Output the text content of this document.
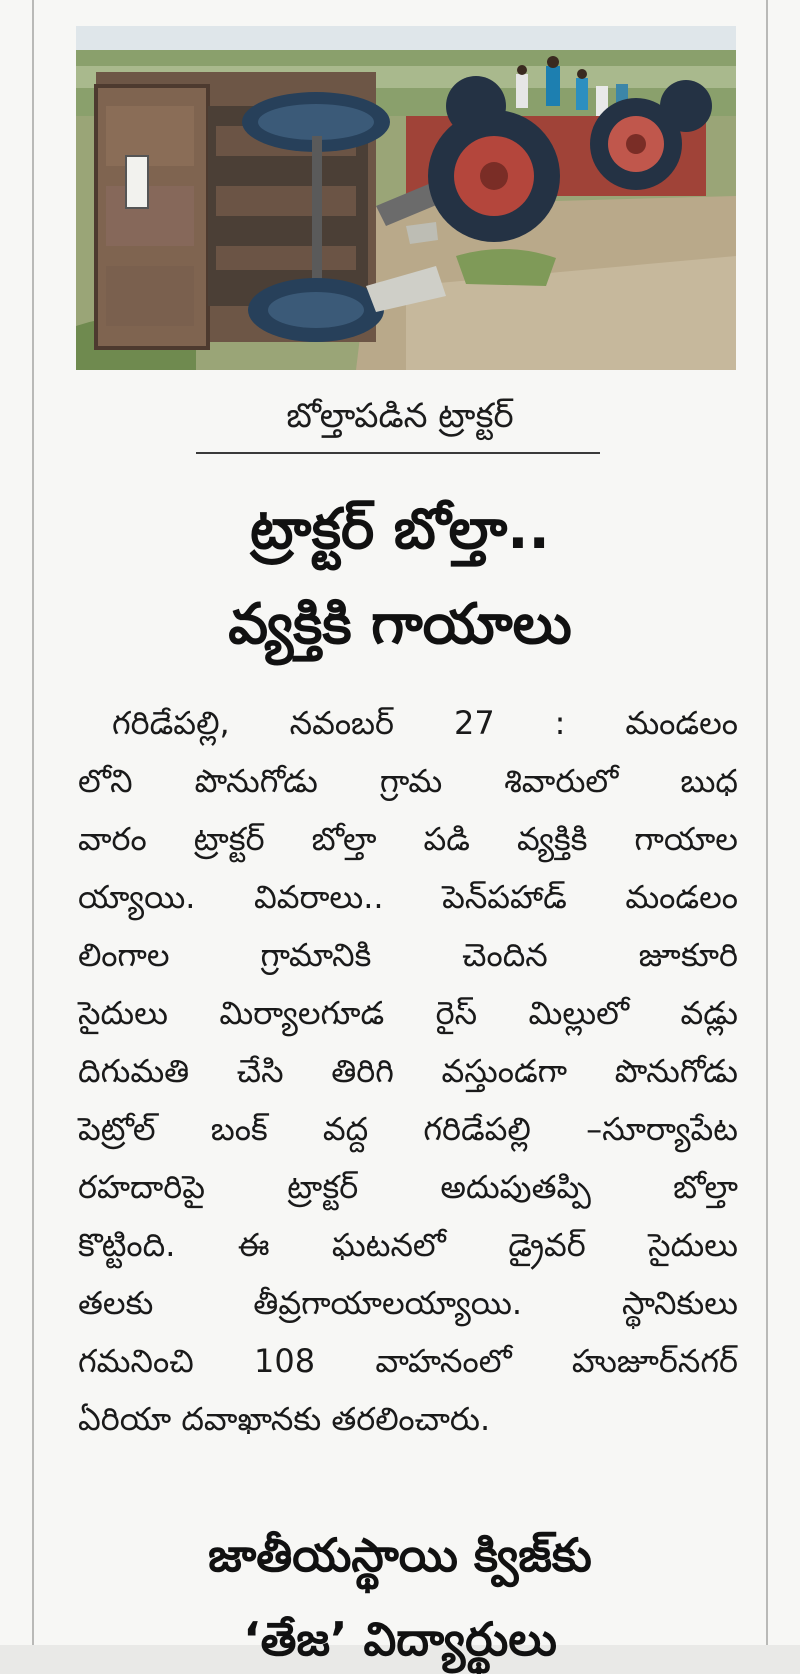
బోల్తాపడిన ట్రాక్టర్
ట్రాక్టర్ బోల్తా..
వ్యక్తికి గాయాలు
గరిడేపల్లి, నవంబర్ 27 : మండలం
లోని పొనుగోడు గ్రామ శివారులో బుధ
వారం ట్రాక్టర్ బోల్తా పడి వ్యక్తికి గాయాల
య్యాయి. వివరాలు.. పెన్‌పహాడ్ మండలం
లింగాల గ్రామానికి చెందిన జూకూరి
సైదులు మిర్యాలగూడ రైస్ మిల్లులో వడ్లు
దిగుమతి చేసి తిరిగి వస్తుండగా పొనుగోడు
పెట్రోల్ బంక్ వద్ద గరిడేపల్లి –సూర్యాపేట
రహదారిపై ట్రాక్టర్ అదుపుతప్పి బోల్తా
కొట్టింది. ఈ ఘటనలో డ్రైవర్ సైదులు
తలకు తీవ్రగాయాలయ్యాయి. స్థానికులు
గమనించి 108 వాహనంలో హుజూర్‌నగర్
ఏరియా దవాఖానకు తరలించారు.
జాతీయస్థాయి క్విజ్‌కు
‘తేజ’ విద్యార్థులు
